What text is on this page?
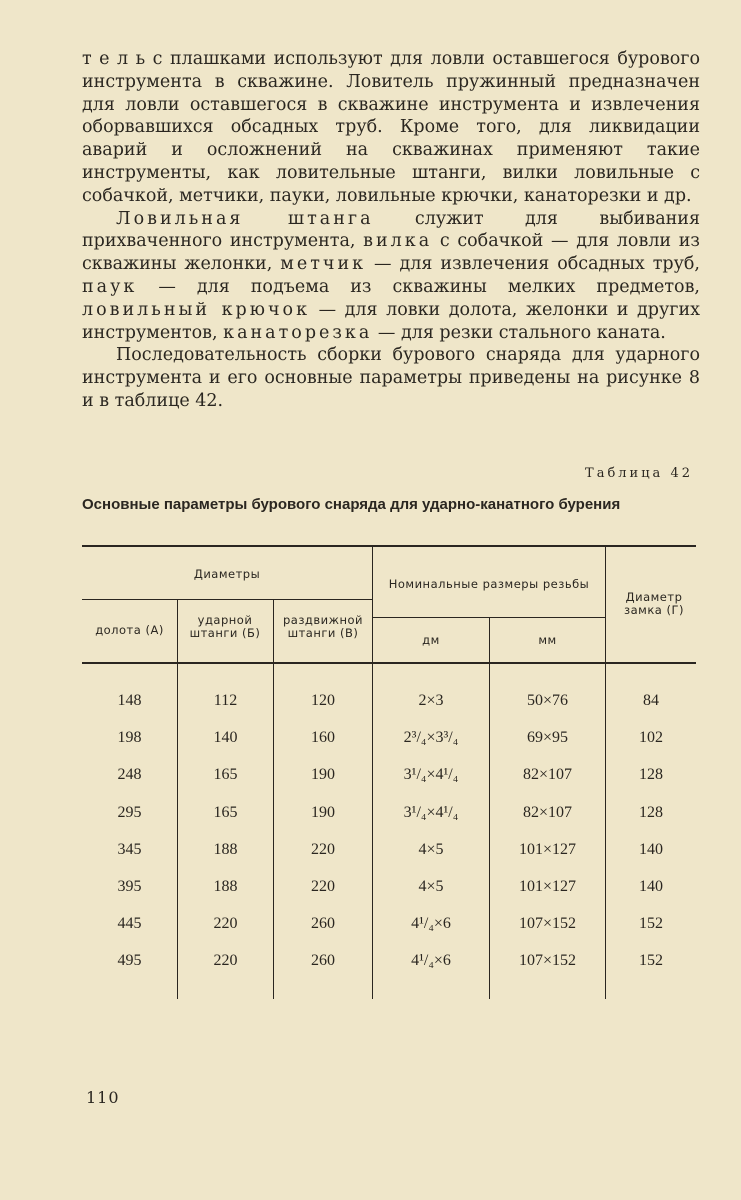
т е л ь с плашками используют для ловли оставшегося бурового инструмента в скважине. Ловитель пружинный предназначен для ловли оставшегося в скважине инструмента и извлечения оборвавшихся обсадных труб. Кроме того, для ликвидации аварий и осложнений на скважинах применяют такие инструменты, как ловительные штанги, вилки ловильные с собачкой, метчики, пауки, ловильные крючки, канаторезки и др.

Ловильная штанга служит для выбивания прихваченного инструмента, вилка с собачкой — для ловли из скважины желонки, метчик — для извлечения обсадных труб, паук — для подъема из скважины мелких предметов, ловильный крючок — для ловки долота, желонки и других инструментов, канаторезка — для резки стального каната.

Последовательность сборки бурового снаряда для ударного инструмента и его основные параметры приведены на рисунке 8 и в таблице 42.

Таблица 42
Основные параметры бурового снаряда для ударно-канатного бурения
Диаметры
долота (А)
ударной штанги (Б)
раздвижной штанги (В)
Номинальные размеры резьбы
дм	мм
Диаметр замка (Г)
148	112	120	2×3	50×76	84
198	140	160	2³/₄×3³/₄	69×95	102
248	165	190	3¹/₄×4¹/₄	82×107	128
295	165	190	3¹/₄×4¹/₄	82×107	128
345	188	220	4×5	101×127	140
395	188	220	4×5	101×127	140
445	220	260	4¹/₄×6	107×152	152
495	220	260	4¹/₄×6	107×152	152
110
